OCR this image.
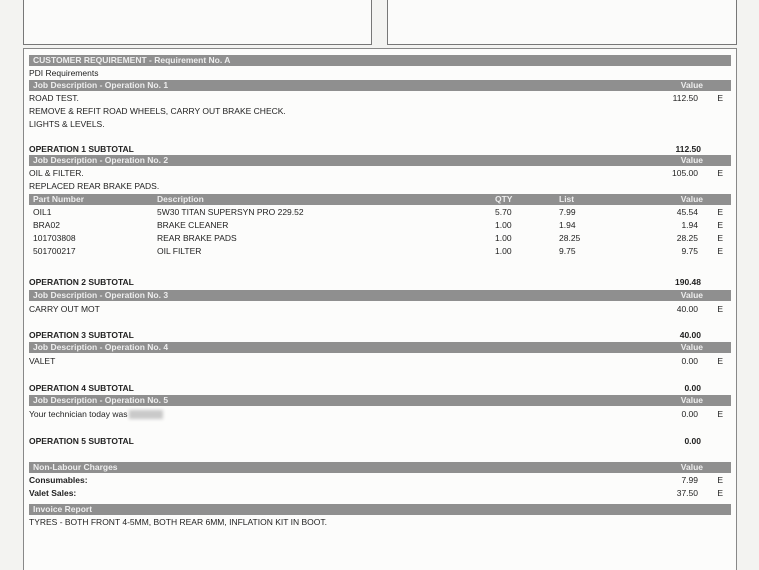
CUSTOMER REQUIREMENT - Requirement No. A
PDI Requirements
Job Description - Operation No. 1	Value
ROAD TEST.	112.50 E
REMOVE & REFIT ROAD WHEELS, CARRY OUT BRAKE CHECK.
LIGHTS & LEVELS.
OPERATION 1 SUBTOTAL	112.50
Job Description - Operation No. 2	Value
OIL & FILTER.	105.00 E
REPLACED REAR BRAKE PADS.
Part Number	Description	QTY	List	Value
OIL1	5W30 TITAN SUPERSYN PRO 229.52	5.70	7.99	45.54 E
BRA02	BRAKE CLEANER	1.00	1.94	1.94 E
101703808	REAR BRAKE PADS	1.00	28.25	28.25 E
501700217	OIL FILTER	1.00	9.75	9.75 E
OPERATION 2 SUBTOTAL	190.48
Job Description - Operation No. 3	Value
CARRY OUT MOT	40.00 E
OPERATION 3 SUBTOTAL	40.00
Job Description - Operation No. 4	Value
VALET	0.00 E
OPERATION 4 SUBTOTAL	0.00
Job Description - Operation No. 5	Value
Your technician today was	0.00 E
OPERATION 5 SUBTOTAL	0.00
Non-Labour Charges	Value
Consumables:	7.99 E
Valet Sales:	37.50 E
Invoice Report
TYRES - BOTH FRONT 4-5MM, BOTH REAR 6MM, INFLATION KIT IN BOOT.
